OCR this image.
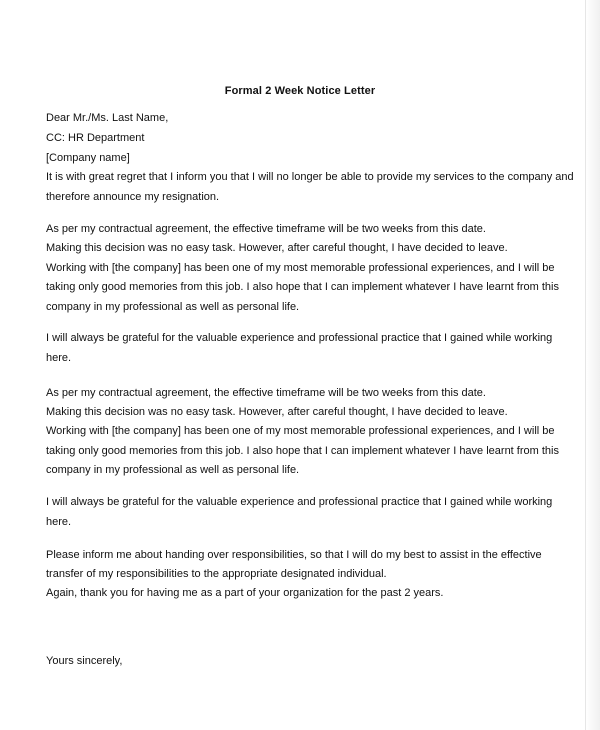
Formal 2 Week Notice Letter
Dear Mr./Ms. Last Name,
CC: HR Department
[Company name]
It is with great regret that I inform you that I will no longer be able to provide my services to the company and
therefore announce my resignation.
As per my contractual agreement, the effective timeframe will be two weeks from this date.
Making this decision was no easy task. However, after careful thought, I have decided to leave.
Working with [the company] has been one of my most memorable professional experiences, and I will be
taking only good memories from this job. I also hope that I can implement whatever I have learnt from this
company in my professional as well as personal life.
I will always be grateful for the valuable experience and professional practice that I gained while working
here.
As per my contractual agreement, the effective timeframe will be two weeks from this date.
Making this decision was no easy task. However, after careful thought, I have decided to leave.
Working with [the company] has been one of my most memorable professional experiences, and I will be
taking only good memories from this job. I also hope that I can implement whatever I have learnt from this
company in my professional as well as personal life.
I will always be grateful for the valuable experience and professional practice that I gained while working
here.
Please inform me about handing over responsibilities, so that I will do my best to assist in the effective
transfer of my responsibilities to the appropriate designated individual.
Again, thank you for having me as a part of your organization for the past 2 years.
Yours sincerely,
